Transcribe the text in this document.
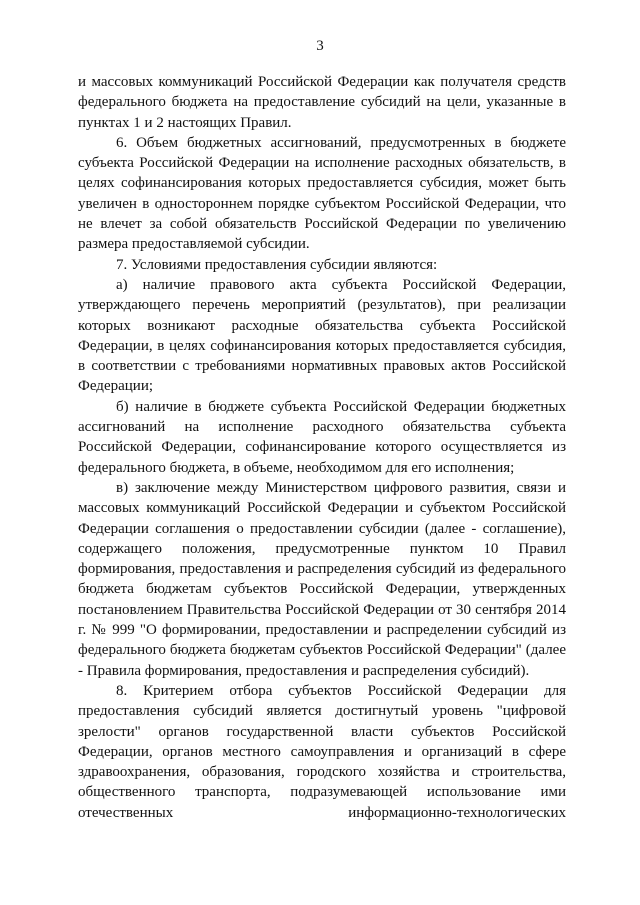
3

и массовых коммуникаций Российской Федерации как получателя средств федерального бюджета на предоставление субсидий на цели, указанные в пунктах 1 и 2 настоящих Правил.

6. Объем бюджетных ассигнований, предусмотренных в бюджете субъекта Российской Федерации на исполнение расходных обязательств, в целях софинансирования которых предоставляется субсидия, может быть увеличен в одностороннем порядке субъектом Российской Федерации, что не влечет за собой обязательств Российской Федерации по увеличению размера предоставляемой субсидии.

7. Условиями предоставления субсидии являются:

а) наличие правового акта субъекта Российской Федерации, утверждающего перечень мероприятий (результатов), при реализации которых возникают расходные обязательства субъекта Российской Федерации, в целях софинансирования которых предоставляется субсидия, в соответствии с требованиями нормативных правовых актов Российской Федерации;

б) наличие в бюджете субъекта Российской Федерации бюджетных ассигнований на исполнение расходного обязательства субъекта Российской Федерации, софинансирование которого осуществляется из федерального бюджета, в объеме, необходимом для его исполнения;

в) заключение между Министерством цифрового развития, связи и массовых коммуникаций Российской Федерации и субъектом Российской Федерации соглашения о предоставлении субсидии (далее - соглашение), содержащего положения, предусмотренные пунктом 10 Правил формирования, предоставления и распределения субсидий из федерального бюджета бюджетам субъектов Российской Федерации, утвержденных постановлением Правительства Российской Федерации от 30 сентября 2014 г. № 999 "О формировании, предоставлении и распределении субсидий из федерального бюджета бюджетам субъектов Российской Федерации" (далее - Правила формирования, предоставления и распределения субсидий).

8. Критерием отбора субъектов Российской Федерации для предоставления субсидий является достигнутый уровень "цифровой зрелости" органов государственной власти субъектов Российской Федерации, органов местного самоуправления и организаций в сфере здравоохранения, образования, городского хозяйства и строительства, общественного транспорта, подразумевающей использование ими отечественных информационно-технологических
